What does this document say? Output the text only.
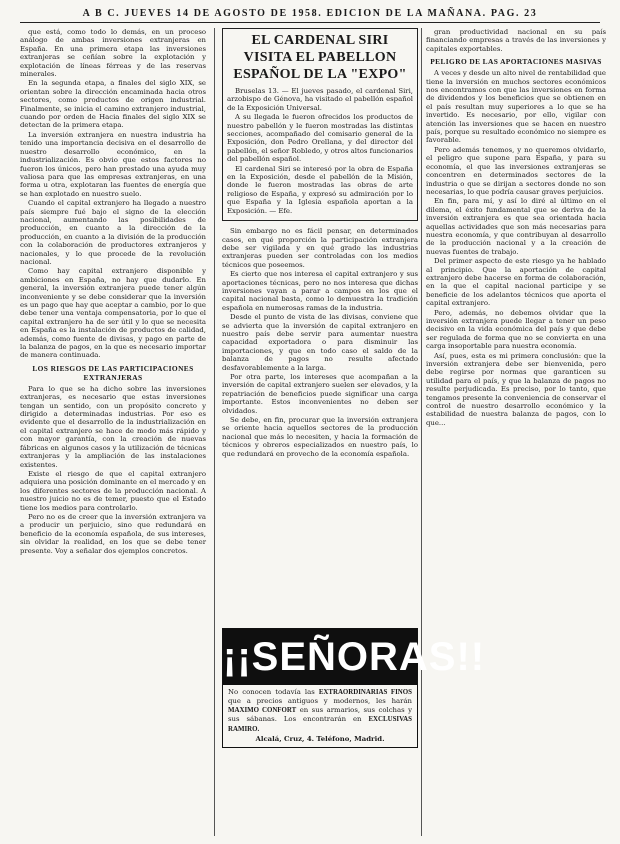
A B C. JUEVES 14 DE AGOSTO DE 1958. EDICION DE LA MAÑANA. PAG. 23

que está, como todo lo demás, en un proceso análogo de ambas inversiones extranjeras en España. En una primera etapa las inversiones extranjeras se ceñían sobre la explotación y explotación de líneas férreas y de las reservas minerales.

En la segunda etapa, a finales del siglo XIX, se orientan sobre la dirección encaminada hacia otros sectores, como productos de origen industrial. Finalmente, se inicia el camino extranjero industrial, cuando por orden de Hacia finales del siglo XIX se detectan de la primera etapa.

La inversión extranjera en nuestra industria ha tenido una importancia decisiva en el desarrollo de nuestro desarrollo económico, en la industrialización. Es obvio que estos factores no fueron los únicos, pero han prestado una ayuda muy valiosa para que las empresas extranjeras, en una forma u otra, explotaran las fuentes de energía que se han explotado en nuestro suelo.

Cuando el capital extranjero ha llegado a nuestro país siempre fué bajo el signo de la elección nacional, aumentando las posibilidades de producción, en cuanto a la dirección de la producción, en cuanto a la división de la producción con la colaboración de productores extranjeros y nacionales, y lo que procede de la revolución nacional.

Como hay capital extranjero disponible y ambiciones en España, no hay que dudarlo. En general, la inversión extranjera puede tener algún inconveniente y se debe considerar que la inversión es un pago que hay que aceptar a cambio, por lo que debe tener una ventaja compensatoria, por lo que el capital extranjero ha de ser útil y lo que se necesita en España es la instalación de productos de calidad, además, como fuente de divisas, y pago en parte de la balanza de pagos, en la que es necesario importar de manera continuada.

LOS RIESGOS DE LAS PARTICIPACIONES EXTRANJERAS

Para lo que se ha dicho sobre las inversiones extranjeras, es necesario que estas inversiones tengan un sentido, con un propósito concreto y dirigido a determinadas industrias. Por eso es evidente que el desarrollo de la industrialización en el capital extranjero se hace de modo más rápido y con mayor garantía, con la creación de nuevas fábricas en algunos casos y la utilización de técnicas extranjeras y la ampliación de las instalaciones existentes.

Existe el riesgo de que el capital extranjero adquiera una posición dominante en el mercado y en los diferentes sectores de la producción nacional. A nuestro juicio no es de temer, puesto que el Estado tiene los medios para controlarlo.

Pero no es de creer que la inversión extranjera va a producir un perjuicio, sino que redundará en beneficio de la economía española, de sus intereses, sin olvidar la realidad, en los que se debe tener presente. Voy a señalar dos ejemplos concretos.

EL CARDENAL SIRI VISITA EL PABELLON ESPAÑOL DE LA "EXPO"

Bruselas 13. — El jueves pasado, el cardenal Siri, arzobispo de Génova, ha visitado el pabellón español de la Exposición Universal.

A su llegada le fueron ofrecidos los productos de nuestro pabellón y le fueron mostradas las distintas secciones, acompañado del comisario general de la Exposición, don Pedro Orellana, y del director del pabellón, el señor Robledo, y otros altos funcionarios del pabellón español.

El cardenal Siri se interesó por la obra de España en la Exposición, desde el pabellón de la Misión, donde le fueron mostradas las obras de arte religioso de España, y expresó su admiración por lo que España y la Iglesia española aportan a la Exposición. — Efe.

Sin embargo no es fácil pensar, en determinados casos, en qué proporción la participación extranjera debe ser vigilada y en qué grado las industrias extranjeras pueden ser controladas con los medios técnicos que poseemos.

Es cierto que nos interesa el capital extranjero y sus aportaciones técnicas, pero no nos interesa que dichas inversiones vayan a parar a campos en los que el capital nacional basta, como lo demuestra la tradición española en numerosas ramas de la industria.

Desde el punto de vista de las divisas, conviene que se advierta que la inversión de capital extranjero en nuestro país debe servir para aumentar nuestra capacidad exportadora o para disminuir las importaciones, y que en todo caso el saldo de la balanza de pagos no resulte afectado desfavorablemente a la larga.

Por otra parte, los intereses que acompañan a la inversión de capital extranjero suelen ser elevados, y la repatriación de beneficios puede significar una carga importante. Estos inconvenientes no deben ser olvidados.

Se debe, en fin, procurar que la inversión extranjera se oriente hacia aquellos sectores de la producción nacional que más lo necesiten, y hacia la formación de técnicos y obreros especializados en nuestro país, lo que redundará en provecho de la economía española.

¡¡SEÑORAS!!
No conocen todavía las EXTRAORDINARIAS FINOS que a precios antiguos y modernos, les harán MAXIMO CONFORT en sus armarios, sus colchas y sus sábanas. Los encontrarán en EXCLUSIVAS RAMIRO.
Alcalá, Cruz, 4. Teléfono, Madrid.

gran productividad nacional en su país financiando empresas a través de las inversiones y capitales exportables.

PELIGRO DE LAS APORTACIONES MASIVAS

A veces y desde un alto nivel de rentabilidad que tiene la inversión en muchos sectores económicos nos encontramos con que las inversiones en forma de dividendos y los beneficios que se obtienen en el país resultan muy superiores a lo que se ha invertido. Es necesario, por ello, vigilar con atención las inversiones que se hacen en nuestro país, porque su resultado económico no siempre es favorable.

Pero además tenemos, y no queremos olvidarlo, el peligro que supone para España, y para su economía, el que las inversiones extranjeras se concentren en determinados sectores de la industria o que se dirijan a sectores donde no son necesarias, lo que podría causar graves perjuicios.

En fin, para mí, y así lo diré al último en el dilema, el éxito fundamental que se deriva de la inversión extranjera es que sea orientada hacia aquellas actividades que son más necesarias para nuestra economía, y que contribuyan al desarrollo de la producción nacional y a la creación de nuevas fuentes de trabajo.

Del primer aspecto de este riesgo ya he hablado al principio. Que la aportación de capital extranjero debe hacerse en forma de colaboración, en la que el capital nacional participe y se beneficie de los adelantos técnicos que aporta el capital extranjero.

Pero, además, no debemos olvidar que la inversión extranjera puede llegar a tener un peso decisivo en la vida económica del país y que debe ser regulada de forma que no se convierta en una carga insoportable para nuestra economía.

Así, pues, esta es mi primera conclusión: que la inversión extranjera debe ser bienvenida, pero debe regirse por normas que garanticen su utilidad para el país, y que la balanza de pagos no resulte perjudicada. Es preciso, por lo tanto, que tengamos presente la conveniencia de conservar el control de nuestro desarrollo económico y la estabilidad de nuestra balanza de pagos, con lo que...
